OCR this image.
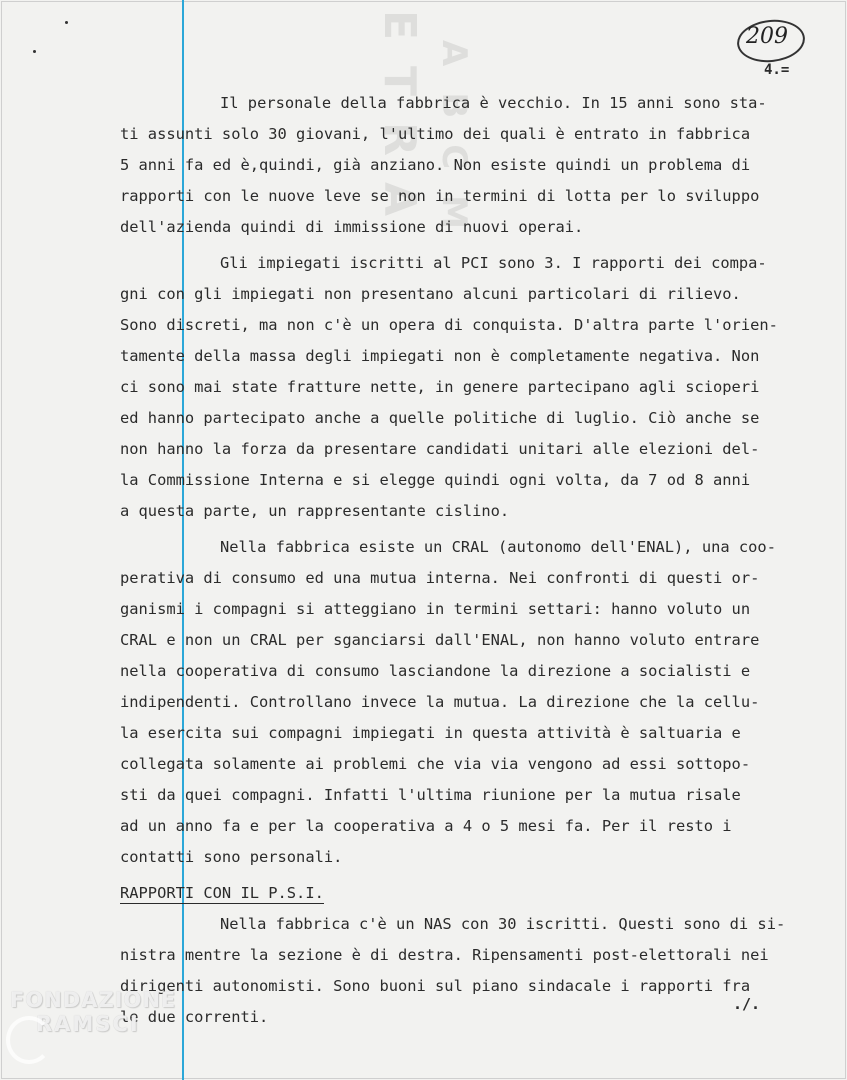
ETRA ABCM
209
4.=
Il personale della fabbrica è vecchio. In 15 anni sono sta-
ti assunti solo 30 giovani, l'ultimo dei quali è entrato in fabbrica
5 anni fa ed è,quindi, già anziano. Non esiste quindi un problema di
rapporti con le nuove leve se non in termini di lotta per lo sviluppo
dell'azienda quindi di immissione di nuovi operai.
Gli impiegati iscritti al PCI sono 3. I rapporti dei compa-
gni con gli impiegati non presentano alcuni particolari di rilievo.
Sono discreti, ma non c'è un opera di conquista. D'altra parte l'orien-
tamente della massa degli impiegati non è completamente negativa. Non
ci sono mai state fratture nette, in genere partecipano agli scioperi
ed hanno partecipato anche a quelle politiche di luglio. Ciò anche se
non hanno la forza da presentare candidati unitari alle elezioni del-
la Commissione Interna e si elegge quindi ogni volta, da 7 od 8 anni
a questa parte, un rappresentante cislino.
Nella fabbrica esiste un CRAL (autonomo dell'ENAL), una coo-
perativa di consumo ed una mutua interna. Nei confronti di questi or-
ganismi i compagni si atteggiano in termini settari: hanno voluto un
CRAL e non un CRAL per sganciarsi dall'ENAL, non hanno voluto entrare
nella cooperativa di consumo lasciandone la direzione a socialisti e
indipendenti. Controllano invece la mutua. La direzione che la cellu-
la esercita sui compagni impiegati in questa attività è saltuaria e
collegata solamente ai problemi che via via vengono ad essi sottopo-
sti da quei compagni. Infatti l'ultima riunione per la mutua risale
ad un anno fa e per la cooperativa a 4 o 5 mesi fa. Per il resto i
contatti sono personali.
RAPPORTI CON IL P.S.I.
Nella fabbrica c'è un NAS con 30 iscritti. Questi sono di si-
nistra mentre la sezione è di destra. Ripensamenti post-elettorali nei
dirigenti autonomisti. Sono buoni sul piano sindacale i rapporti fra
le due correnti.
./.
FONDAZIONE
RAMSCI
